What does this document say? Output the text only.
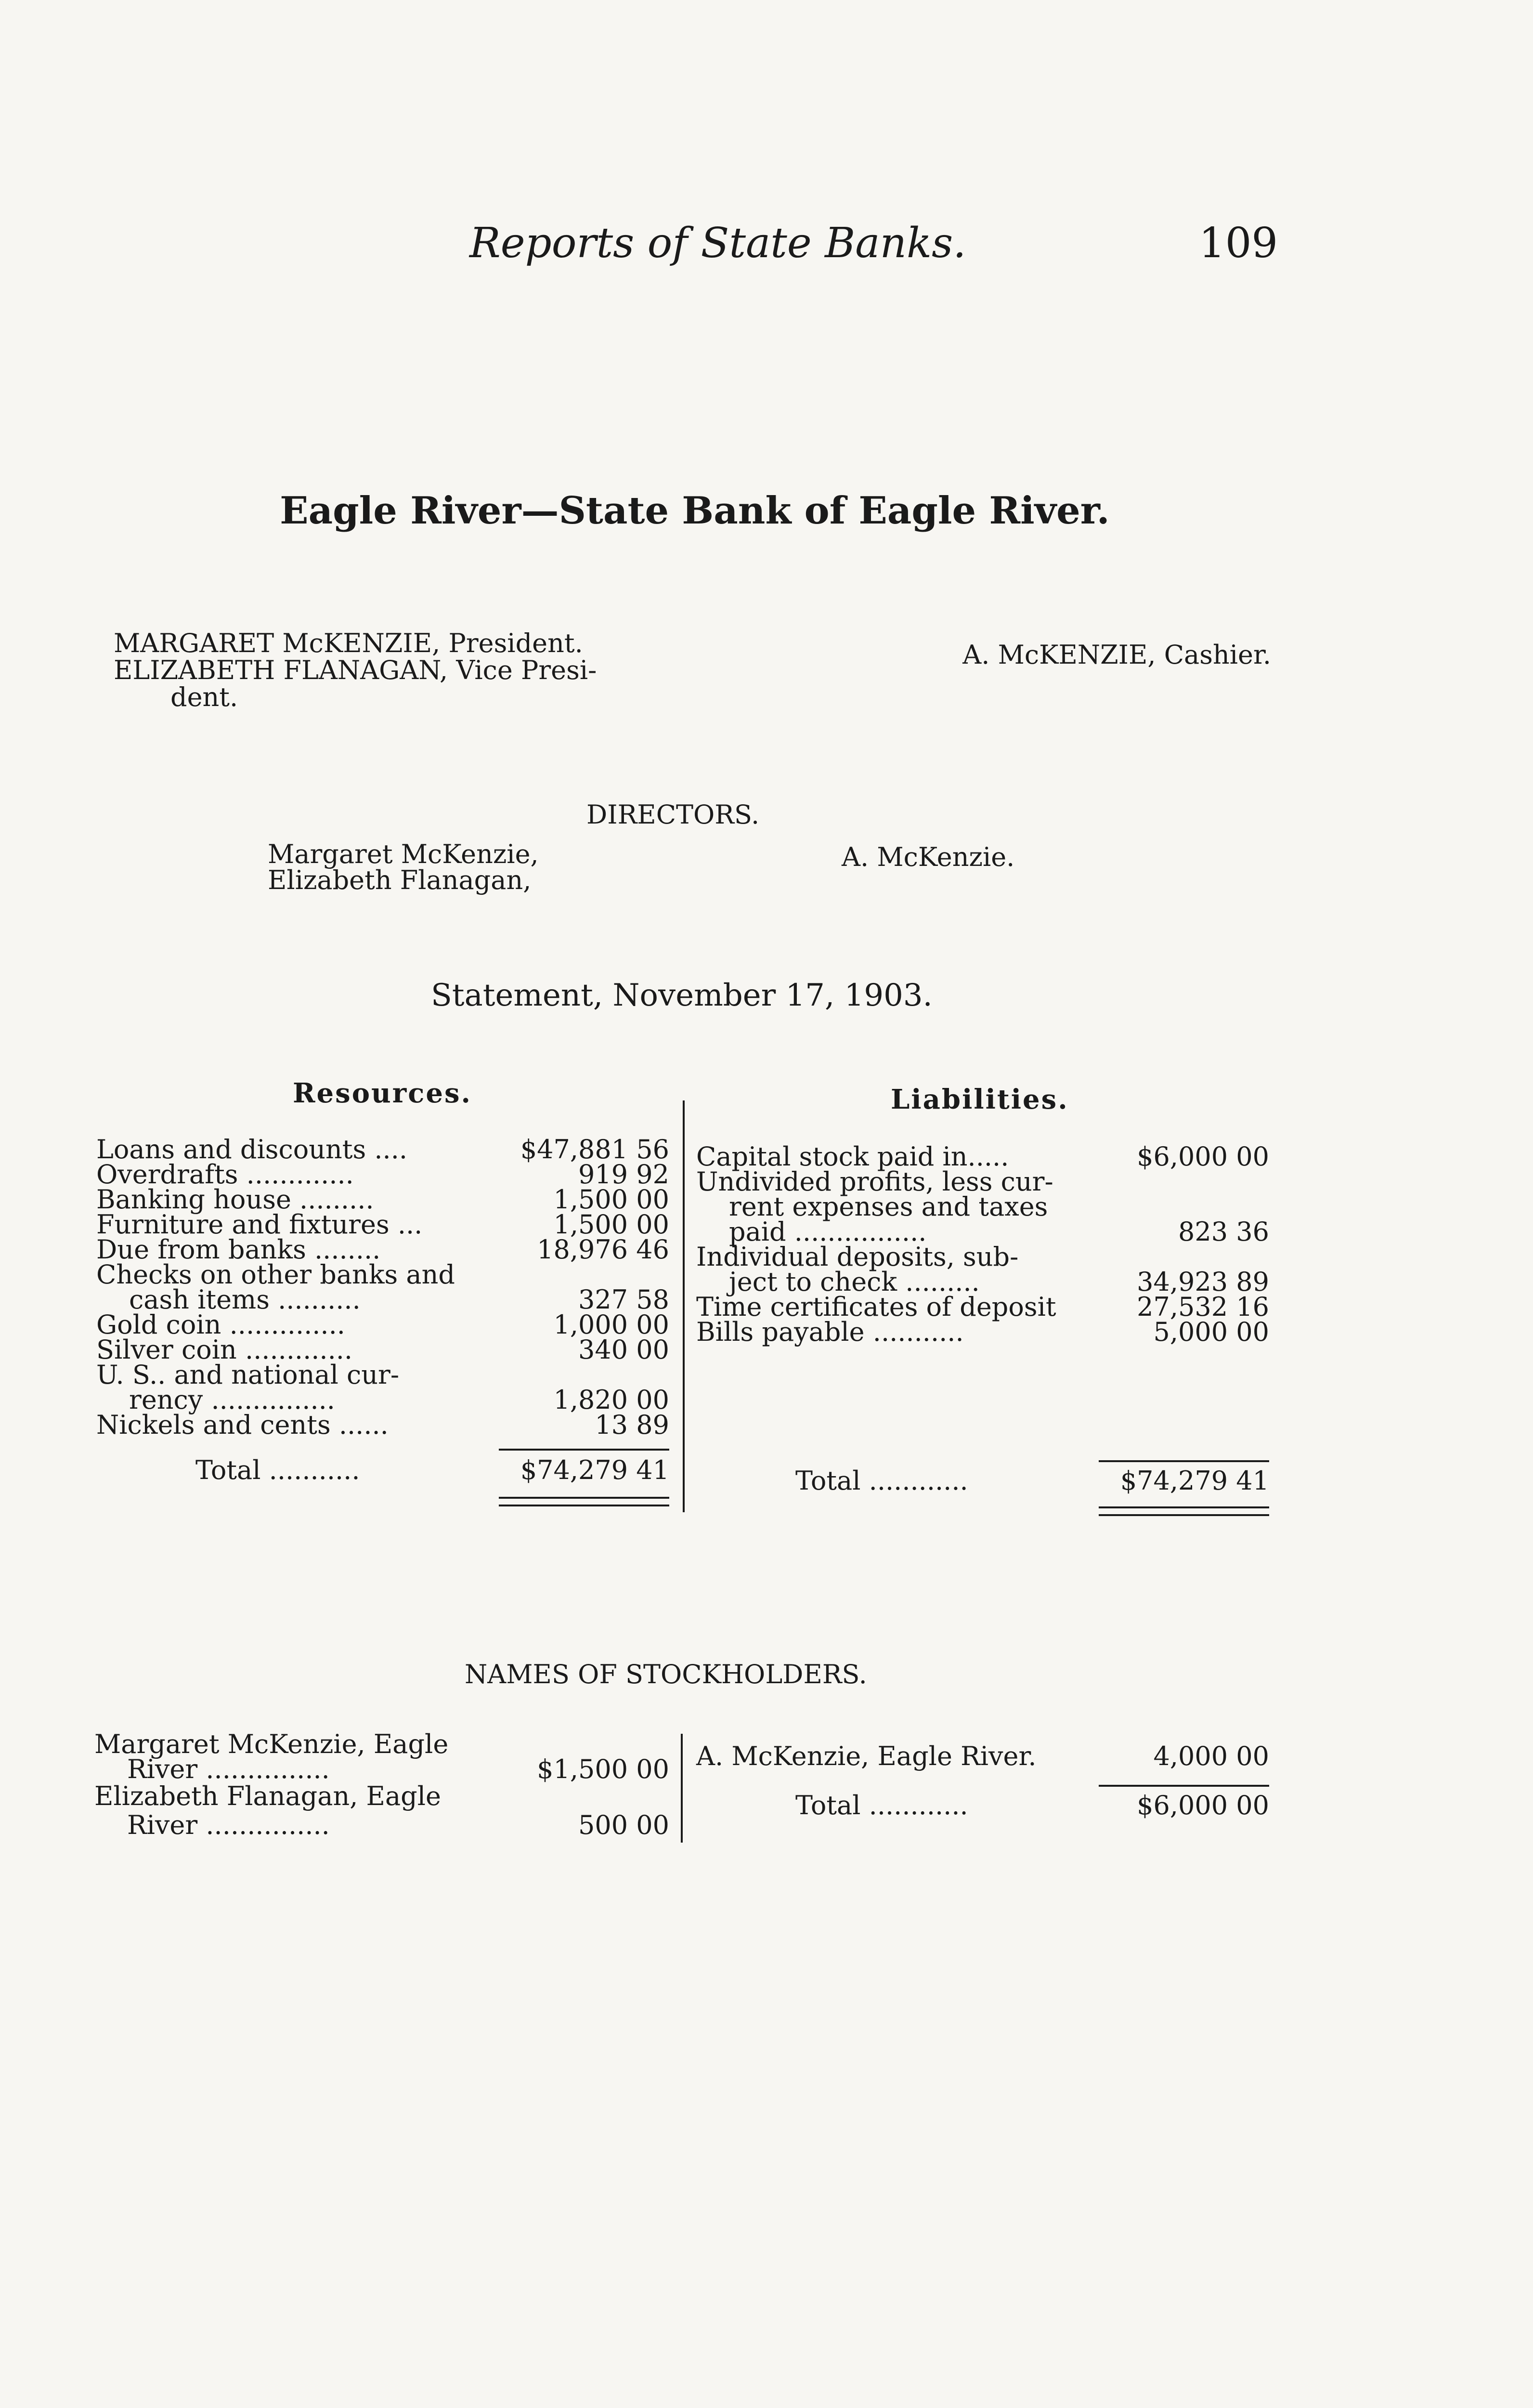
Reports of State Banks.	109
Eagle River—State Bank of Eagle River.
MARGARET McKENZIE, President.
ELIZABETH FLANAGAN, Vice Presi-
dent.
A. McKENZIE, Cashier.
DIRECTORS.
Margaret McKenzie,
Elizabeth Flanagan,
A. McKenzie.
Statement, November 17, 1903.
Resources.
Loans and discounts ....	$47,881 56
Overdrafts .............	919 92
Banking house .........	1,500 00
Furniture and fixtures ...	1,500 00
Due from banks ........	18,976 46
Checks on other banks and
cash items ..........	327 58
Gold coin ..............	1,000 00
Silver coin .............	340 00
U. S.. and national cur-
rency ...............	1,820 00
Nickels and cents ......	13 89
Total ...........	$74,279 41
Liabilities.
Capital stock paid in.....	$6,000 00
Undivided profits, less cur-
rent expenses and taxes
paid ................	823 36
Individual deposits, sub-
ject to check .........	34,923 89
Time certificates of deposit	27,532 16
Bills payable ...........	5,000 00
Total ............	$74,279 41
NAMES OF STOCKHOLDERS.
Margaret McKenzie, Eagle
River ...............	$1,500 00
Elizabeth Flanagan, Eagle
River ...............	500 00
A. McKenzie, Eagle River.	4,000 00
Total ............	$6,000 00
